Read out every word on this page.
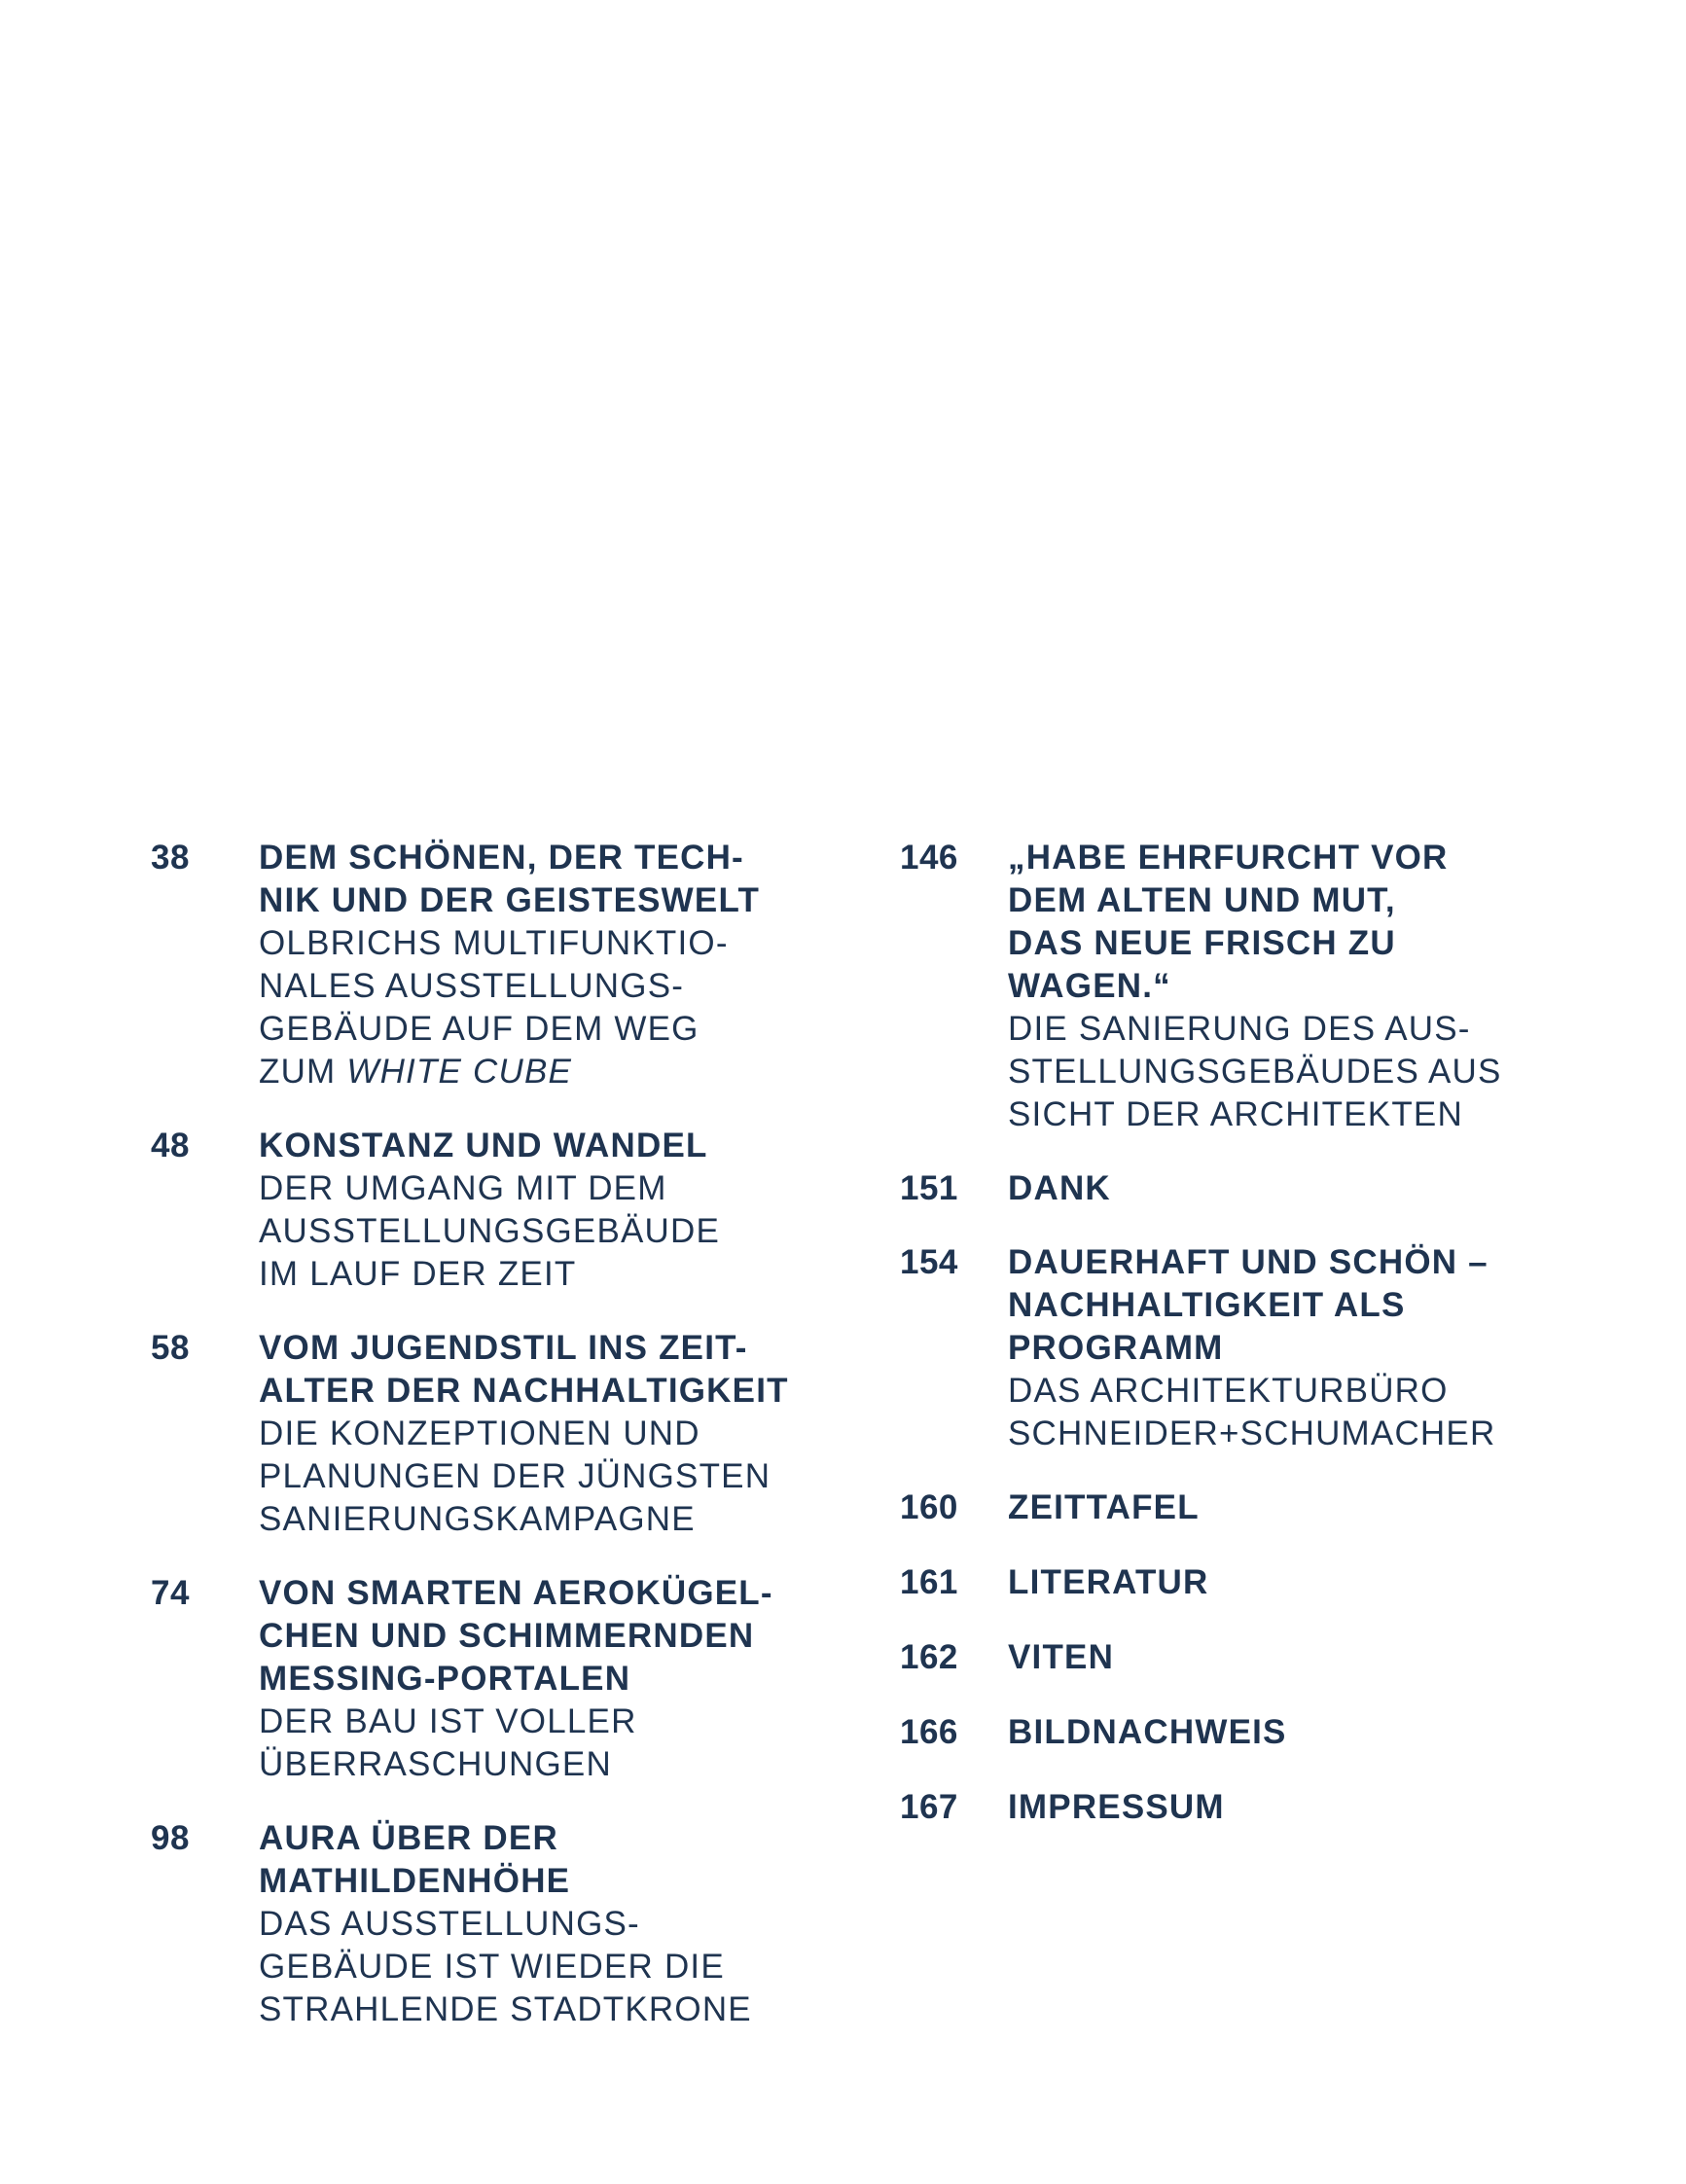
38	DEM SCHÖNEN, DER TECH-
NIK UND DER GEISTESWELT
OLBRICHS MULTIFUNKTIO-
NALES AUSSTELLUNGS-
GEBÄUDE AUF DEM WEG
ZUM WHITE CUBE
48	KONSTANZ UND WANDEL
DER UMGANG MIT DEM
AUSSTELLUNGSGEBÄUDE
IM LAUF DER ZEIT
58	VOM JUGENDSTIL INS ZEIT-
ALTER DER NACHHALTIGKEIT
DIE KONZEPTIONEN UND
PLANUNGEN DER JÜNGSTEN
SANIERUNGSKAMPAGNE
74	VON SMARTEN AEROKÜGEL-
CHEN UND SCHIMMERNDEN
MESSING-PORTALEN
DER BAU IST VOLLER
ÜBERRASCHUNGEN
98	AURA ÜBER DER
MATHILDENHÖHE
DAS AUSSTELLUNGS-
GEBÄUDE IST WIEDER DIE
STRAHLENDE STADTKRONE
146	„HABE EHRFURCHT VOR
DEM ALTEN UND MUT,
DAS NEUE FRISCH ZU
WAGEN.“
DIE SANIERUNG DES AUS-
STELLUNGSGEBÄUDES AUS
SICHT DER ARCHITEKTEN
151	DANK
154	DAUERHAFT UND SCHÖN –
NACHHALTIGKEIT ALS
PROGRAMM
DAS ARCHITEKTURBÜRO
SCHNEIDER+SCHUMACHER
160	ZEITTAFEL
161	LITERATUR
162	VITEN
166	BILDNACHWEIS
167	IMPRESSUM
